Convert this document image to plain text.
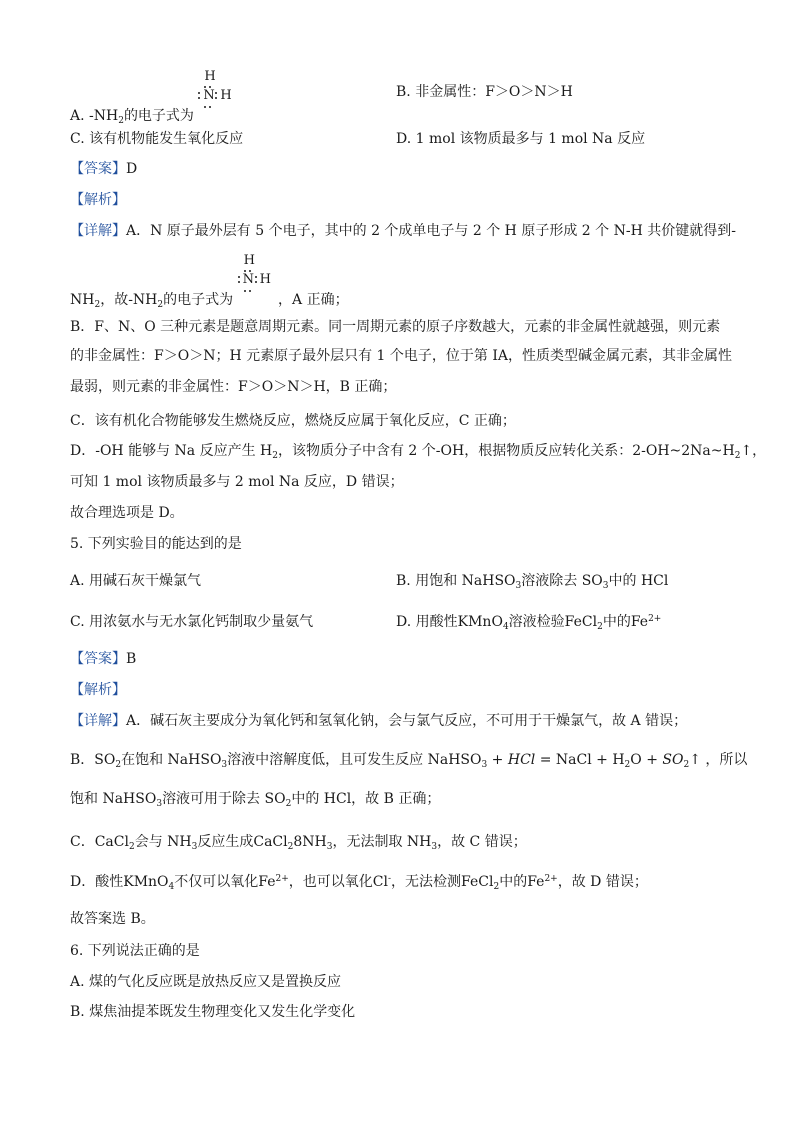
A. $-NH_2$的电子式为
H
N H	B. 非金属性：F＞O＞N＞H
C. 该有机物能发生氧化反应	D. 1 mol 该物质最多与 1 mol Na 反应
【答案】D
【解析】
【详解】A．N 原子最外层有 5 个电子，其中的 2 个成单电子与 2 个 H 原子形成 2 个 N-H 共价键就得到-
$NH_2$，故$-NH_2$的电子式为
H
N H
，A 正确；
B．F、N、O 三种元素是题意周期元素。同一周期元素的原子序数越大，元素的非金属性就越强，则元素
的非金属性：F＞O＞N；H 元素原子最外层只有 1 个电子，位于第 IA，性质类型碱金属元素，其非金属性
最弱，则元素的非金属性：F＞O＞N＞H，B 正确；
C．该有机化合物能够发生燃烧反应，燃烧反应属于氧化反应，C 正确；
D．-OH 能够与 Na 反应产生 $H_2$，该物质分子中含有 2 个-OH，根据物质反应转化关系：$2-OH\sim 2Na\sim H_2↑$，
可知 1 mol 该物质最多与 2 mol Na 反应，D 错误；
故合理选项是 D。
5. 下列实验目的能达到的是
A. 用碱石灰干燥氯气	B. 用饱和 NaHSO$_3$溶液除去 $SO_3$中的 HCl
C. 用浓氨水与无水氯化钙制取少量氨气	D. 用酸性KMnO$_4$溶液检验FeCl$_2$中的$Fe^{2+}$
【答案】B
【解析】
【详解】A．碱石灰主要成分为氧化钙和氢氧化钠，会与氯气反应，不可用于干燥氯气，故 A 错误；
B．$SO_2$在饱和 NaHSO$_3$溶液中溶解度低，且可发生反应 NaHSO$_3$ + HCl = NaCl + $H_2O$ + $SO_2↑$ ，所以
饱和 NaHSO$_3$溶液可用于除去 $SO_2$中的 HCl，故 B 正确；
C．CaCl$_2$会与 $NH_3$反应生成$CaCl_28NH_3$，无法制取 $NH_3$，故 C 错误；
D．酸性KMnO$_4$不仅可以氧化$Fe^{2+}$，也可以氧化Cl-，无法检测FeCl$_2$中的$Fe^{2+}$，故 D 错误；
故答案选 B。
6. 下列说法正确的是
A. 煤的气化反应既是放热反应又是置换反应
B. 煤焦油提苯既发生物理变化又发生化学变化
